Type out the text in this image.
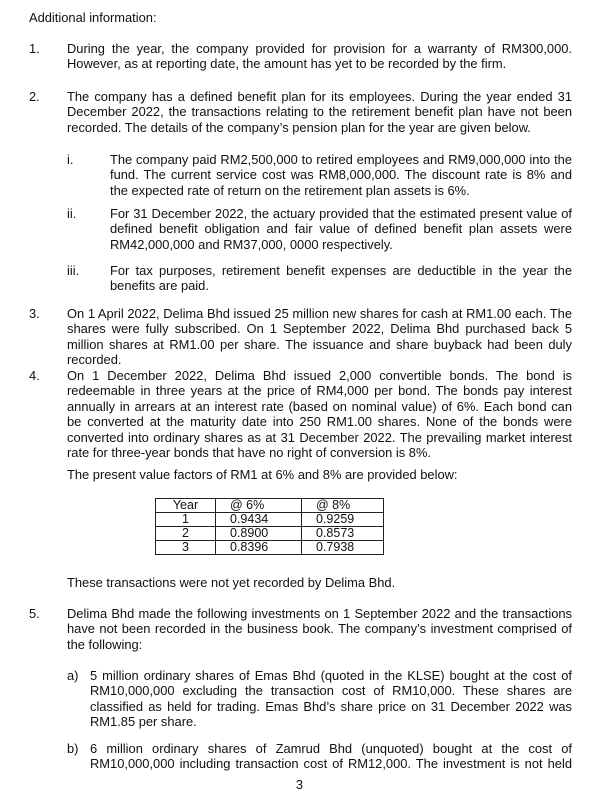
Additional information:
1. During the year, the company provided for provision for a warranty of RM300,000. However, as at reporting date, the amount has yet to be recorded by the firm.
2. The company has a defined benefit plan for its employees. During the year ended 31 December 2022, the transactions relating to the retirement benefit plan have not been recorded. The details of the company’s pension plan for the year are given below.
i.	The company paid RM2,500,000 to retired employees and RM9,000,000 into the fund. The current service cost was RM8,000,000. The discount rate is 8% and the expected rate of return on the retirement plan assets is 6%.
ii.	For 31 December 2022, the actuary provided that the estimated present value of defined benefit obligation and fair value of defined benefit plan assets were RM42,000,000 and RM37,000, 0000 respectively.
iii.	For tax purposes, retirement benefit expenses are deductible in the year the benefits are paid.
3. On 1 April 2022, Delima Bhd issued 25 million new shares for cash at RM1.00 each. The shares were fully subscribed. On 1 September 2022, Delima Bhd purchased back 5 million shares at RM1.00 per share. The issuance and share buyback had been duly recorded.
4. On 1 December 2022, Delima Bhd issued 2,000 convertible bonds. The bond is redeemable in three years at the price of RM4,000 per bond. The bonds pay interest annually in arrears at an interest rate (based on nominal value) of 6%. Each bond can be converted at the maturity date into 250 RM1.00 shares. None of the bonds were converted into ordinary shares as at 31 December 2022. The prevailing market interest rate for three-year bonds that have no right of conversion is 8%.
The present value factors of RM1 at 6% and 8% are provided below:
Year	@ 6%	@ 8%
1	0.9434	0.9259
2	0.8900	0.8573
3	0.8396	0.7938
These transactions were not yet recorded by Delima Bhd.
5. Delima Bhd made the following investments on 1 September 2022 and the transactions have not been recorded in the business book. The company’s investment comprised of the following:
a) 5 million ordinary shares of Emas Bhd (quoted in the KLSE) bought at the cost of RM10,000,000 excluding the transaction cost of RM10,000. These shares are classified as held for trading. Emas Bhd’s share price on 31 December 2022 was RM1.85 per share.
b) 6 million ordinary shares of Zamrud Bhd (unquoted) bought at the cost of RM10,000,000 including transaction cost of RM12,000. The investment is not held
3
